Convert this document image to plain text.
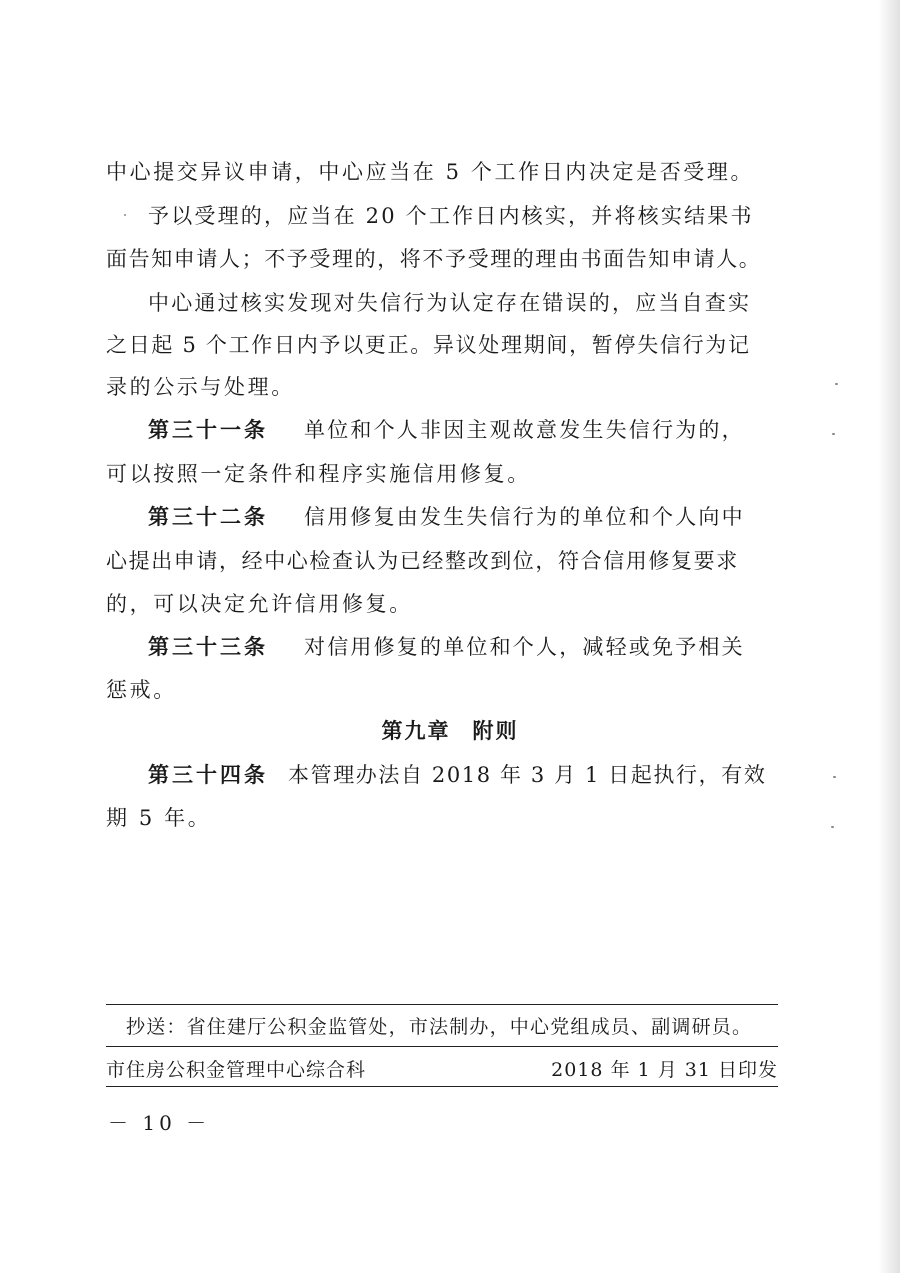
中心提交异议申请，中心应当在 5 个工作日内决定是否受理。
予以受理的，应当在 20 个工作日内核实，并将核实结果书
面告知申请人；不予受理的，将不予受理的理由书面告知申请人。
中心通过核实发现对失信行为认定存在错误的，应当自查实
之日起 5 个工作日内予以更正。异议处理期间，暂停失信行为记
录的公示与处理。
第三十一条 单位和个人非因主观故意发生失信行为的，
可以按照一定条件和程序实施信用修复。
第三十二条 信用修复由发生失信行为的单位和个人向中
心提出申请，经中心检查认为已经整改到位，符合信用修复要求
的，可以决定允许信用修复。
第三十三条 对信用修复的单位和个人，减轻或免予相关
惩戒。
第九章 附则
第三十四条 本管理办法自 2018 年 3 月 1 日起执行，有效
期 5 年。
抄送：省住建厅公积金监管处，市法制办，中心党组成员、副调研员。
市住房公积金管理中心综合科	2018 年 1 月 31 日印发
－ 10 －
